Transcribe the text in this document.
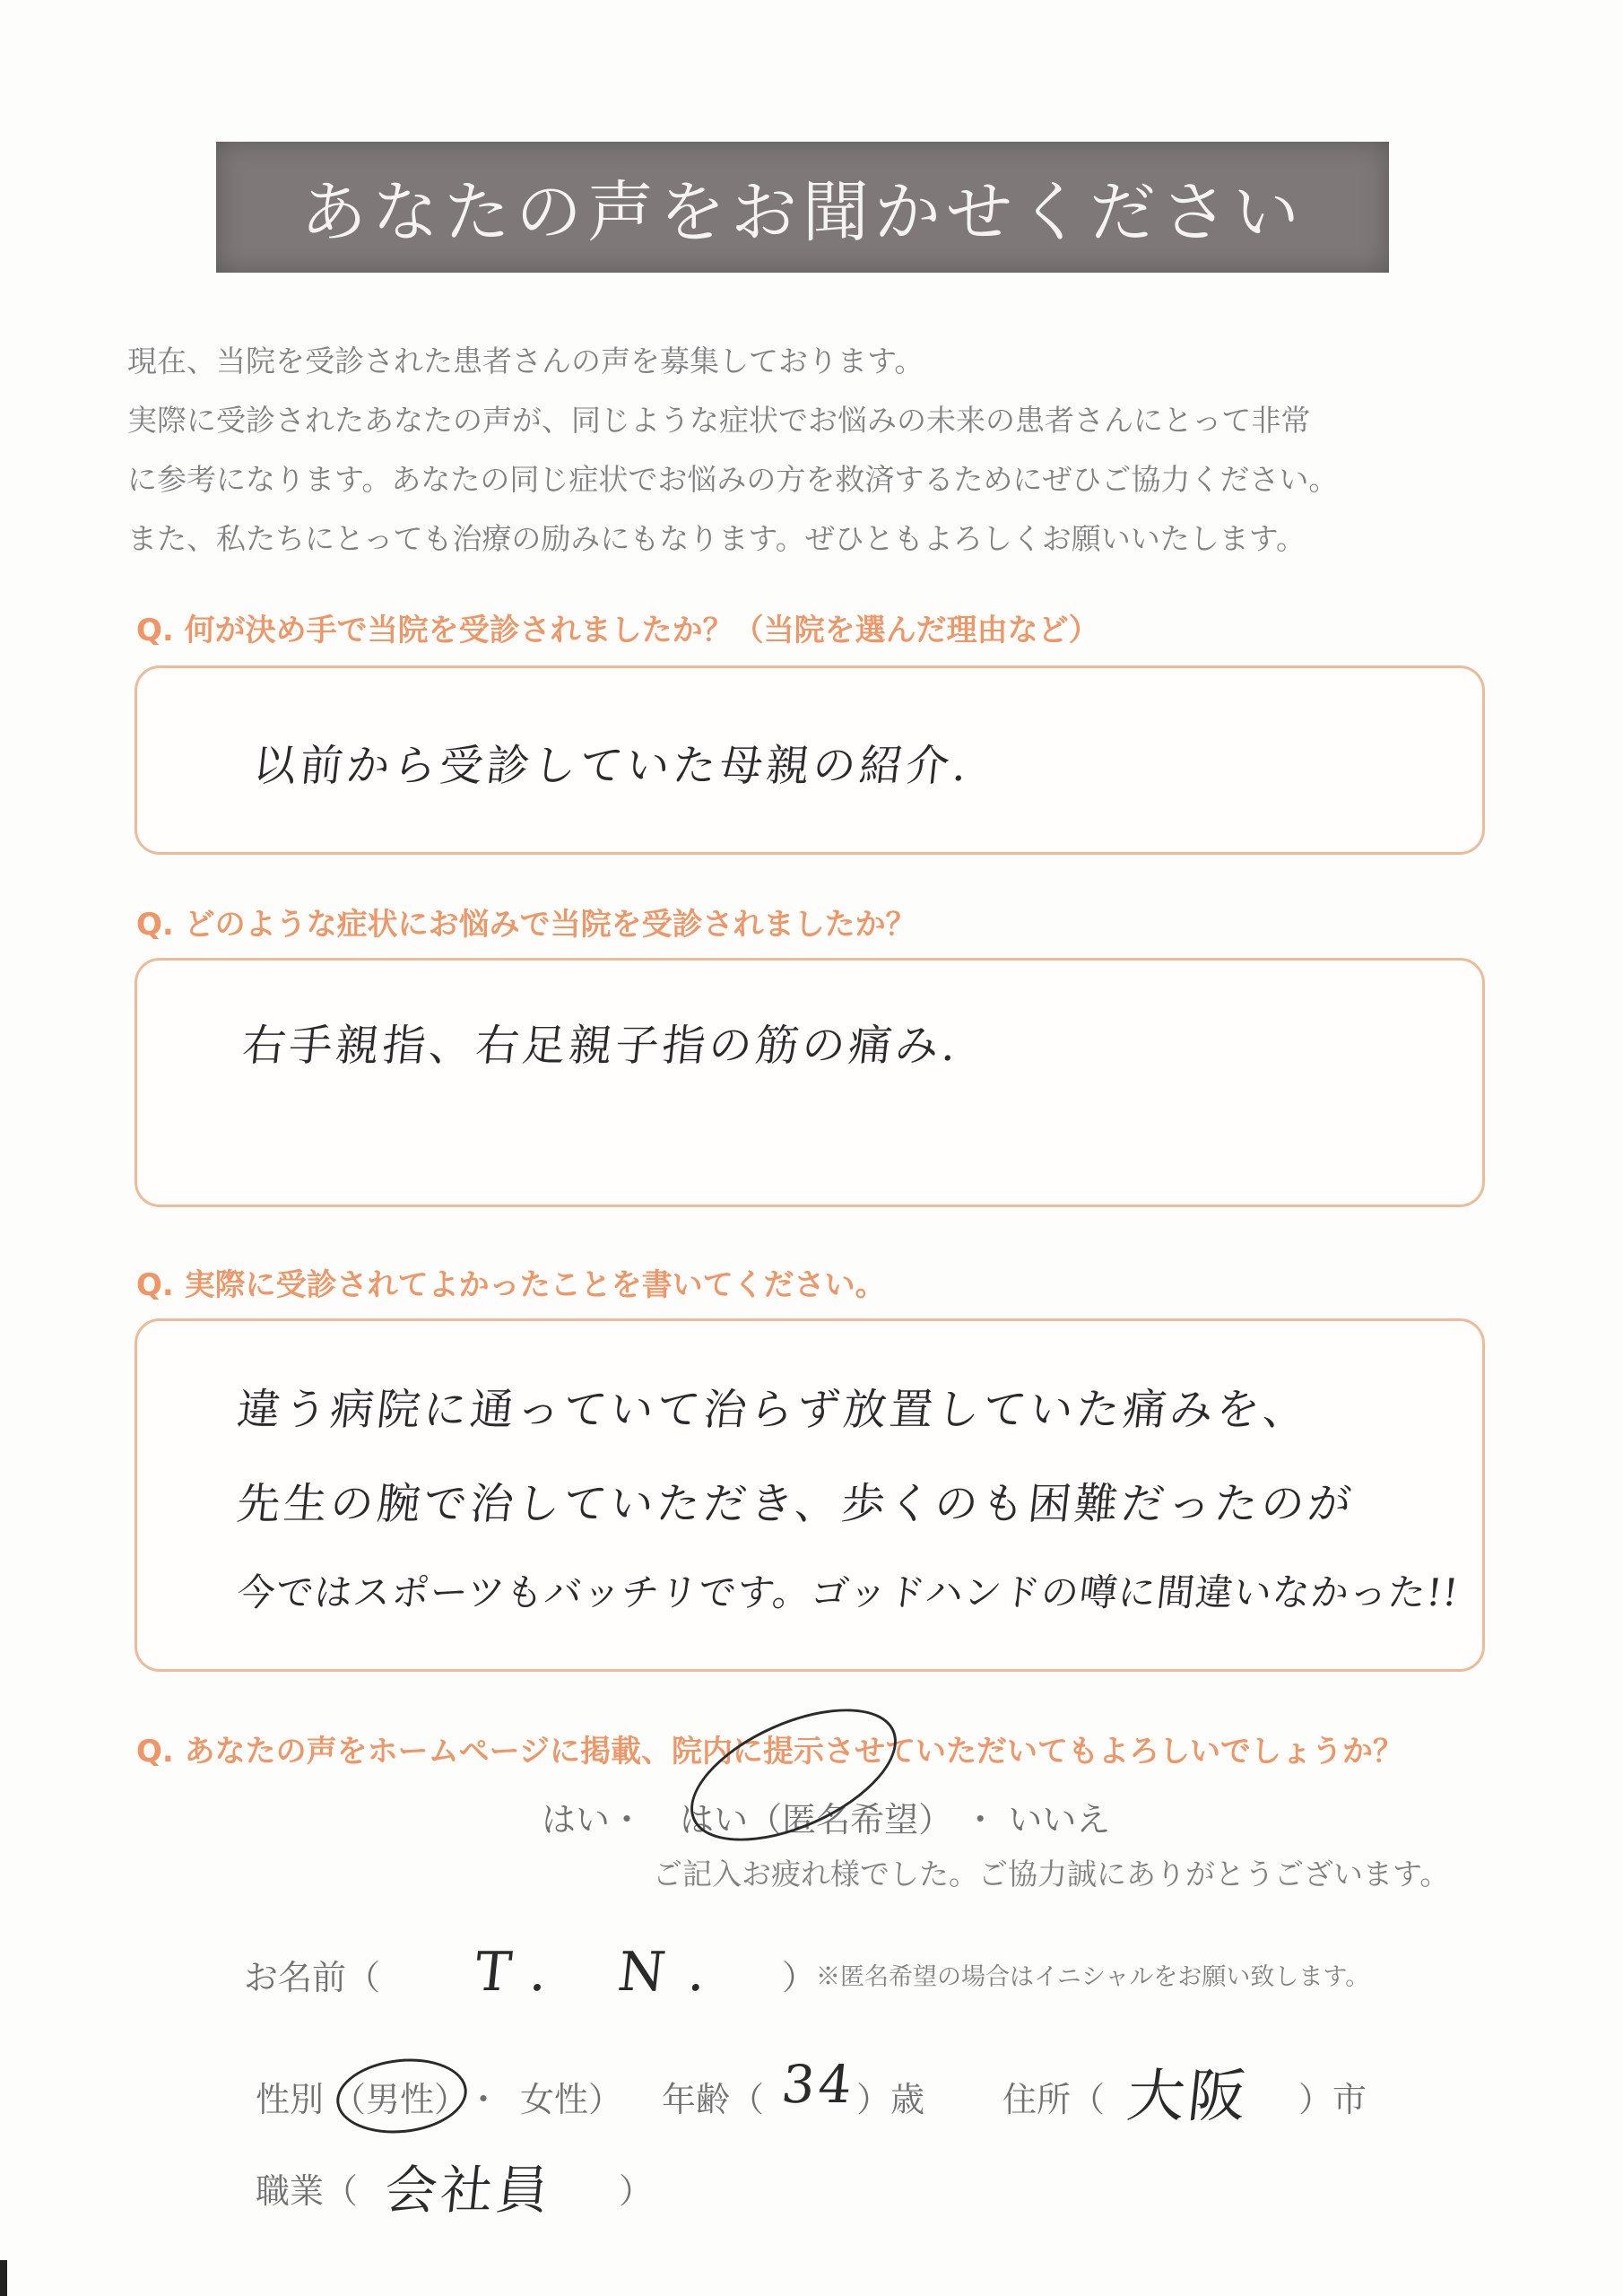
あなたの声をお聞かせください
現在、当院を受診された患者さんの声を募集しております。
実際に受診されたあなたの声が、同じような症状でお悩みの未来の患者さんにとって非常
に参考になります。あなたの同じ症状でお悩みの方を救済するためにぜひご協力ください。
また、私たちにとっても治療の励みにもなります。ぜひともよろしくお願いいたします。
Q. 何が決め手で当院を受診されましたか？（当院を選んだ理由など）
以前から受診していた母親の紹介.
Q. どのような症状にお悩みで当院を受診されましたか？
右手親指、右足親子指の筋の痛み.
Q. 実際に受診されてよかったことを書いてください。
違う病院に通っていて治らず放置していた痛みを、
先生の腕で治していただき、歩くのも困難だったのが
今ではスポーツもバッチリです。ゴッドハンドの噂に間違いなかった!!
Q. あなたの声をホームページに掲載、院内に提示させていただいてもよろしいでしょうか？
はい・ はい（匿名希望） ・ いいえ
ご記入お疲れ様でした。ご協力誠にありがとうございます。
お名前（ T. N. ） ※匿名希望の場合はイニシャルをお願い致します。
性別 （男性）
・ 女性） 年齢（ 34
）歳 住所（ 大阪 ）市
職業（ 会社員 ）
